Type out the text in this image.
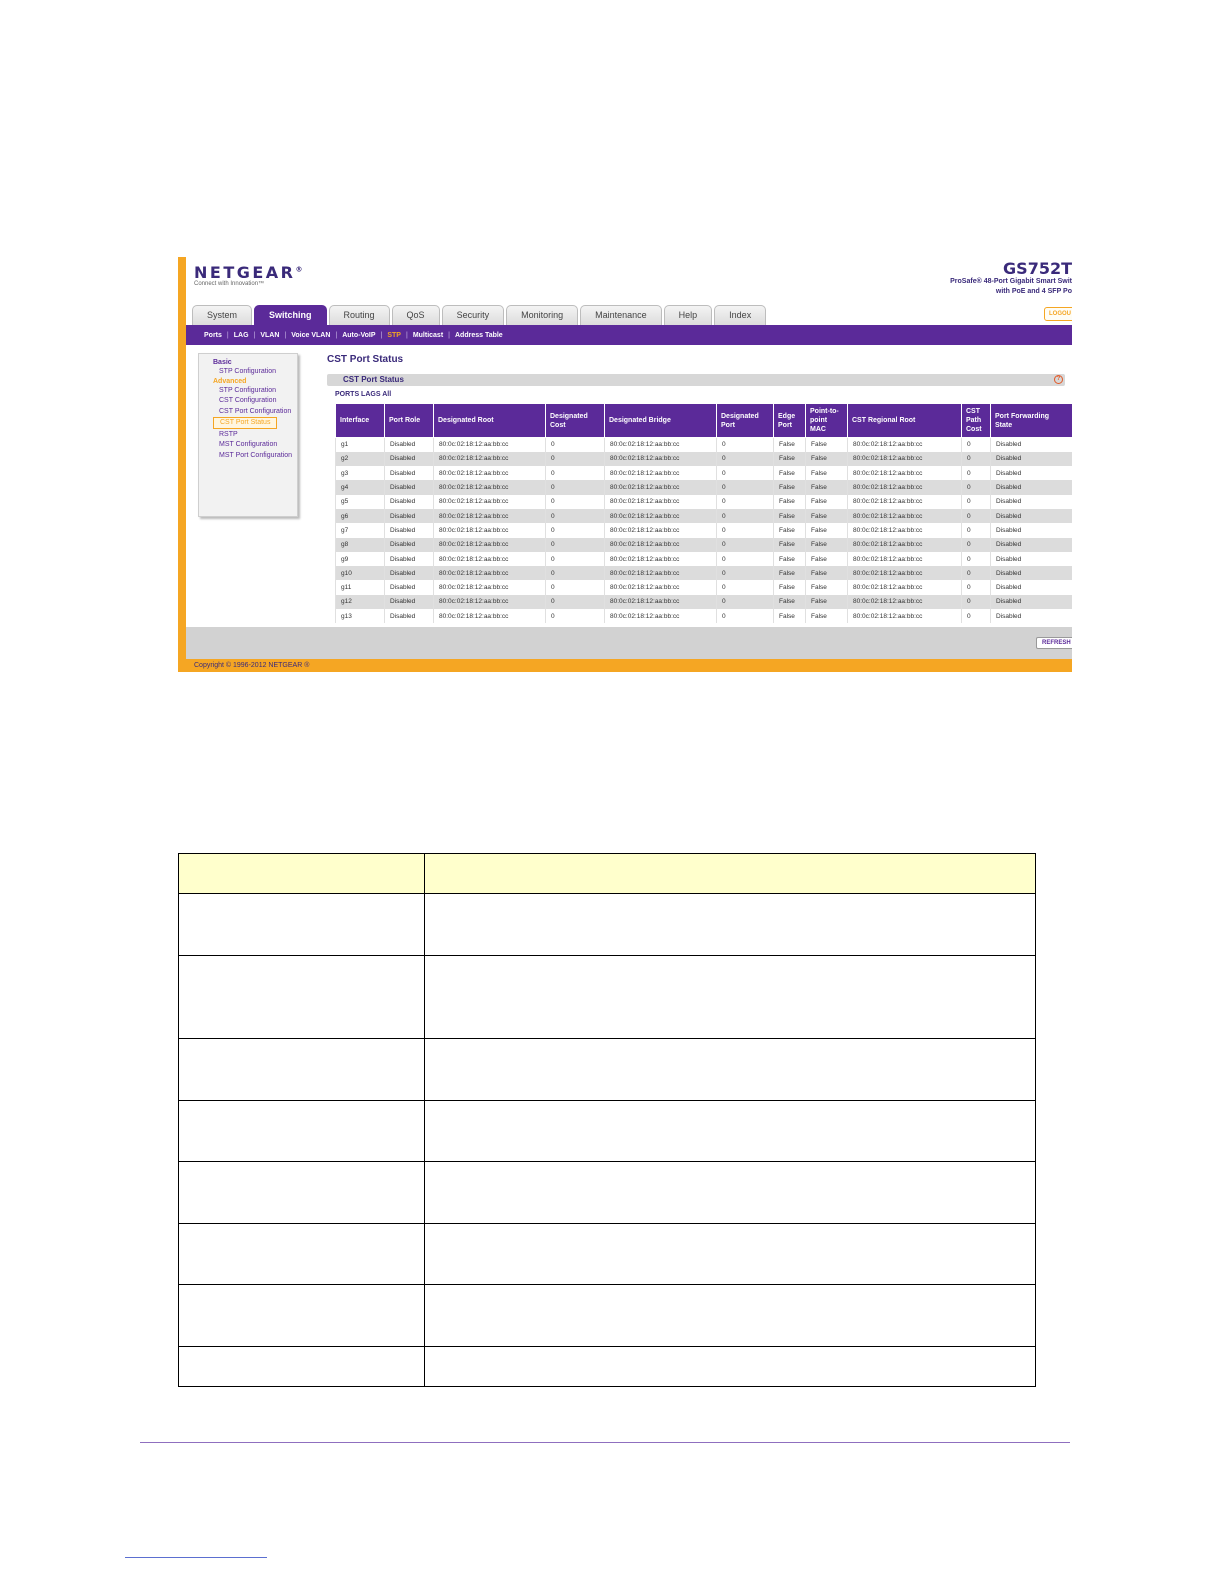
NETGEAR®
Connect with Innovation™
GS752T
ProSafe® 48-Port Gigabit Smart Swit
with PoE and 4 SFP Po
System	Switching	Routing	QoS	Security	Monitoring	Maintenance	Help	Index	LOGOU
Ports | LAG | VLAN | Voice VLAN | Auto-VoIP | STP | Multicast | Address Table
Basic
STP Configuration
Advanced
STP Configuration
CST Configuration
CST Port Configuration
CST Port Status
RSTP
MST Configuration
MST Port Configuration
CST Port Status
CST Port Status	?
PORTS LAGS All
Interface	Port Role	Designated Root	Designated Cost	Designated Bridge	Designated Port	Edge Port	Point-to-point MAC	CST Regional Root	CST Path Cost	Port Forwarding State
g1	Disabled	80:0c:02:18:12:aa:bb:cc	0	80:0c:02:18:12:aa:bb:cc	0	False	False	80:0c:02:18:12:aa:bb:cc	0	Disabled
g2	Disabled	80:0c:02:18:12:aa:bb:cc	0	80:0c:02:18:12:aa:bb:cc	0	False	False	80:0c:02:18:12:aa:bb:cc	0	Disabled
g3	Disabled	80:0c:02:18:12:aa:bb:cc	0	80:0c:02:18:12:aa:bb:cc	0	False	False	80:0c:02:18:12:aa:bb:cc	0	Disabled
g4	Disabled	80:0c:02:18:12:aa:bb:cc	0	80:0c:02:18:12:aa:bb:cc	0	False	False	80:0c:02:18:12:aa:bb:cc	0	Disabled
g5	Disabled	80:0c:02:18:12:aa:bb:cc	0	80:0c:02:18:12:aa:bb:cc	0	False	False	80:0c:02:18:12:aa:bb:cc	0	Disabled
g6	Disabled	80:0c:02:18:12:aa:bb:cc	0	80:0c:02:18:12:aa:bb:cc	0	False	False	80:0c:02:18:12:aa:bb:cc	0	Disabled
g7	Disabled	80:0c:02:18:12:aa:bb:cc	0	80:0c:02:18:12:aa:bb:cc	0	False	False	80:0c:02:18:12:aa:bb:cc	0	Disabled
g8	Disabled	80:0c:02:18:12:aa:bb:cc	0	80:0c:02:18:12:aa:bb:cc	0	False	False	80:0c:02:18:12:aa:bb:cc	0	Disabled
g9	Disabled	80:0c:02:18:12:aa:bb:cc	0	80:0c:02:18:12:aa:bb:cc	0	False	False	80:0c:02:18:12:aa:bb:cc	0	Disabled
g10	Disabled	80:0c:02:18:12:aa:bb:cc	0	80:0c:02:18:12:aa:bb:cc	0	False	False	80:0c:02:18:12:aa:bb:cc	0	Disabled
g11	Disabled	80:0c:02:18:12:aa:bb:cc	0	80:0c:02:18:12:aa:bb:cc	0	False	False	80:0c:02:18:12:aa:bb:cc	0	Disabled
g12	Disabled	80:0c:02:18:12:aa:bb:cc	0	80:0c:02:18:12:aa:bb:cc	0	False	False	80:0c:02:18:12:aa:bb:cc	0	Disabled
g13	Disabled	80:0c:02:18:12:aa:bb:cc	0	80:0c:02:18:12:aa:bb:cc	0	False	False	80:0c:02:18:12:aa:bb:cc	0	Disabled
REFRESH
Copyright © 1996-2012 NETGEAR ®
